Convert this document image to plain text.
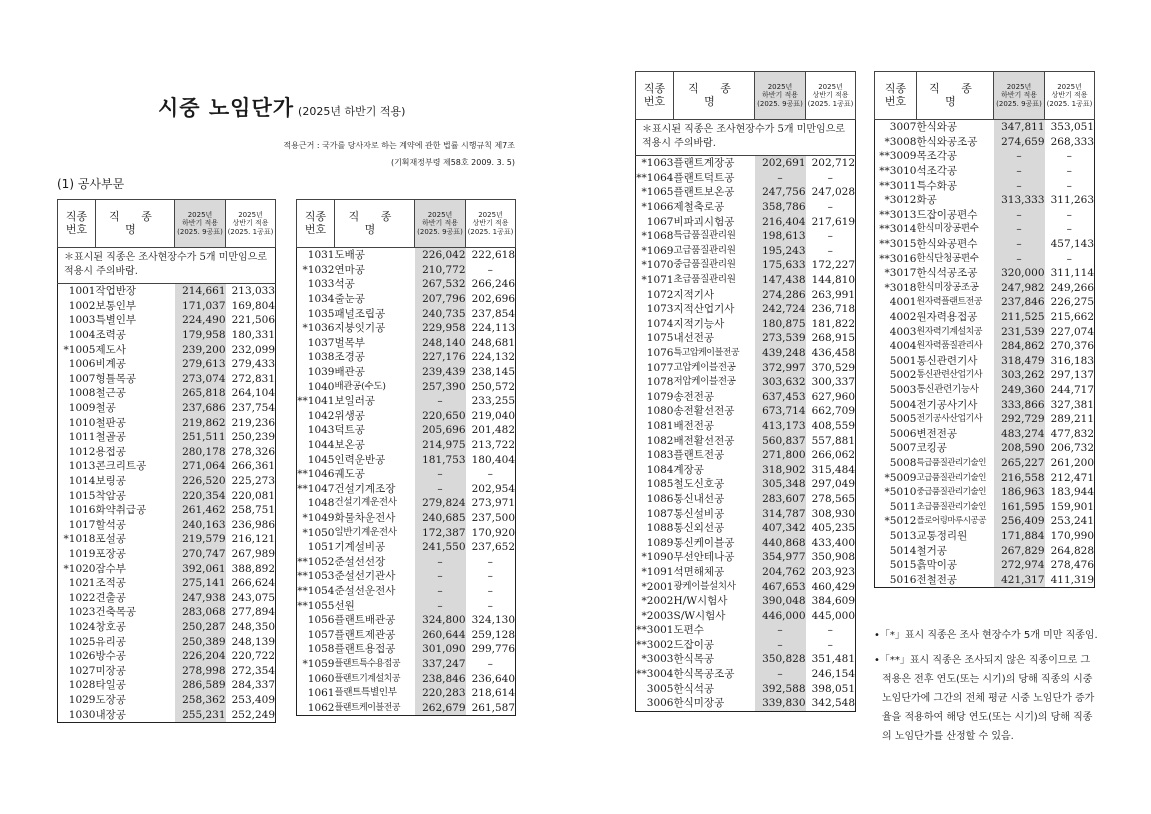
시중 노임단가 (2025년 하반기 적용)
적용근거 : 국가를 당사자로 하는 계약에 관한 법률 시행규칙 제7조
(기획재정부령 제58호 2009. 3. 5)
(1) 공사부문
직종
번호	직 종 명	2025년
하반기 적용
(2025. 9공표)	2025년
상반기 적용
(2025. 1공표)

＊표시된 직종은 조사현장수가 5개 미만임으로 적용시 주의바람.			
1001	작업반장	214,661	213,033
1002	보통인부	171,037	169,804
1003	특별인부	224,490	221,506
1004	조력공	179,958	180,331
*1005	제도사	239,200	232,099
1006	비계공	279,613	279,433
1007	형틀목공	273,074	272,831
1008	철근공	265,818	264,104
1009	철공	237,686	237,754
1010	철판공	219,862	219,236
1011	철골공	251,511	250,239
1012	용접공	280,178	278,326
1013	콘크리트공	271,064	266,361
1014	보링공	226,520	225,273
1015	착암공	220,354	220,081
1016	화약취급공	261,462	258,751
1017	할석공	240,163	236,986
*1018	포설공	219,579	216,121
1019	포장공	270,747	267,989
*1020	잠수부	392,061	388,892
1021	조적공	275,141	266,624
1022	견출공	247,938	243,075
1023	건축목공	283,068	277,894
1024	창호공	250,287	248,350
1025	유리공	250,389	248,139
1026	방수공	226,204	220,722
1027	미장공	278,998	272,354
1028	타일공	286,589	284,337
1029	도장공	258,362	253,409
1030	내장공	255,231	252,249
직종
번호	직 종 명	2025년
하반기 적용
(2025. 9공표)	2025년
상반기 적용
(2025. 1공표)

1031	도배공	226,042	222,618
*1032	연마공	210,772	–
1033	석공	267,532	266,246
1034	줄눈공	207,796	202,696
1035	패널조립공	240,735	237,854
*1036	지붕잇기공	229,958	224,113
1037	벌목부	248,140	248,681
1038	조경공	227,176	224,132
1039	배관공	239,439	238,145
1040	배관공(수도)	257,390	250,572
**1041	보일러공	–	233,255
1042	위생공	220,650	219,040
1043	덕트공	205,696	201,482
1044	보온공	214,975	213,722
1045	인력운반공	181,753	180,404
**1046	궤도공	–	–
**1047	건설기계조장	–	202,954
1048	건설기계운전사	279,824	273,971
*1049	화물차운전사	240,685	237,500
*1050	일반기계운전사	172,387	170,920
1051	기계설비공	241,550	237,652
**1052	준설선선장	–	–
**1053	준설선기관사	–	–
**1054	준설선운전사	–	–
**1055	선원	–	–
1056	플랜트배관공	324,800	324,130
1057	플랜트제관공	260,644	259,128
1058	플랜트용접공	301,090	299,776
*1059	플랜트특수용접공	337,247	–
1060	플랜트기계설치공	238,846	236,640
1061	플랜트특별인부	220,283	218,614
1062	플랜트케이블전공	262,679	261,587
직종
번호	직 종 명	2025년
하반기 적용
(2025. 9공표)	2025년
상반기 적용
(2025. 1공표)

＊표시된 직종은 조사현장수가 5개 미만임으로 적용시 주의바람.			
*1063	플랜트계장공	202,691	202,712
**1064	플랜트덕트공	–	–
*1065	플랜트보온공	247,756	247,028
*1066	제철축로공	358,786	–
1067	비파괴시험공	216,404	217,619
*1068	특급품질관리원	198,613	–
*1069	고급품질관리원	195,243	–
*1070	중급품질관리원	175,633	172,227
*1071	초급품질관리원	147,438	144,810
1072	지적기사	274,286	263,991
1073	지적산업기사	242,724	236,718
1074	지적기능사	180,875	181,822
1075	내선전공	273,539	268,915
1076	특고압케이블전공	439,248	436,458
1077	고압케이블전공	372,997	370,529
1078	저압케이블전공	303,632	300,337
1079	송전전공	637,453	627,960
1080	송전활선전공	673,714	662,709
1081	배전전공	413,173	408,559
1082	배전활선전공	560,837	557,881
1083	플랜트전공	271,800	266,062
1084	계장공	318,902	315,484
1085	철도신호공	305,348	297,049
1086	통신내선공	283,607	278,565
1087	통신설비공	314,787	308,930
1088	통신외선공	407,342	405,235
1089	통신케이블공	440,868	433,400
*1090	무선안테나공	354,977	350,908
*1091	석면해체공	204,762	203,923
*2001	광케이블설치사	467,653	460,429
*2002	H/W시험사	390,048	384,609
*2003	S/W시험사	446,000	445,000
**3001	도편수	–	–
**3002	드잡이공	–	–
*3003	한식목공	350,828	351,481
**3004	한식목공조공	–	246,154
3005	한식석공	392,588	398,051
3006	한식미장공	339,830	342,548
직종
번호	직 종 명	2025년
하반기 적용
(2025. 9공표)	2025년
상반기 적용
(2025. 1공표)

3007	한식와공	347,811	353,051
*3008	한식와공조공	274,659	268,333
**3009	목조각공	–	–
**3010	석조각공	–	–
**3011	특수화공	–	–
*3012	화공	313,333	311,263
**3013	드잡이공편수	–	–
**3014	한식미장공편수	–	–
**3015	한식와공편수	–	457,143
**3016	한식단청공편수	–	–
*3017	한식석공조공	320,000	311,114
*3018	한식미장공조공	247,982	249,266
4001	원자력플랜트전공	237,846	226,275
4002	원자력용접공	211,525	215,662
4003	원자력기계설치공	231,539	227,074
4004	원자력품질관리사	284,862	270,376
5001	통신관련기사	318,479	316,183
5002	통신관련산업기사	303,262	297,137
5003	통신관련기능사	249,360	244,717
5004	전기공사기사	333,866	327,381
5005	전기공사산업기사	292,729	289,211
5006	변전전공	483,274	477,832
5007	코킹공	208,590	206,732
5008	특급품질관리기술인	265,227	261,200
*5009	고급품질관리기술인	216,558	212,471
*5010	중급품질관리기술인	186,963	183,944
5011	초급품질관리기술인	161,595	159,901
*5012	플로어링마루시공공	256,409	253,241
5013	교통정리원	171,884	170,990
5014	철거공	267,829	264,828
5015	흙막이공	272,974	278,476
5016	전철전공	421,317	411,319

•「*」표시 직종은 조사 현장수가 5개 미만 직종임.

•「**」표시 직종은 조사되지 않은 직종이므로 그 적용은 전후 연도(또는 시기)의 당해 직종의 시중 노임단가에 그간의 전체 평균 시중 노임단가 증가율을 적용하여 해당 연도(또는 시기)의 당해 직종의 노임단가를 산정할 수 있음.
